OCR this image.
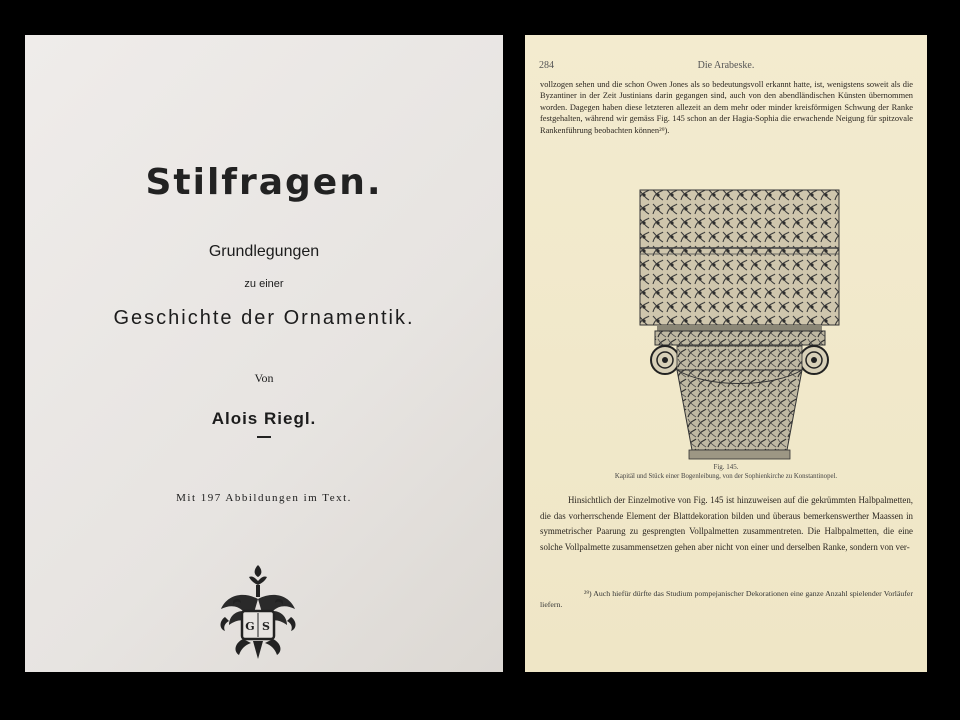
Stilfragen.
Grundlegungen
zu einer
Geschichte der Ornamentik.
Von
Alois Riegl.
Mit 197 Abbildungen im Text.
G S
284	Die Arabeske.
vollzogen sehen und die schon Owen Jones als so bedeutungsvoll erkannt hatte, ist, wenigstens soweit als die Byzantiner in der Zeit Justinians darin gegangen sind, auch von den abendländischen Künsten übernommen worden. Dagegen haben diese letzteren allezeit an dem mehr oder minder kreisförmigen Schwung der Ranke festgehalten, während wir gemäss Fig. 145 schon an der Hagia-Sophia die erwachende Neigung für spitzovale Rankenführung beobachten können²⁹).
Fig. 145.
Kapitäl und Stück einer Bogenleibung, von der Sophienkirche zu Konstantinopel.
Hinsichtlich der Einzelmotive von Fig. 145 ist hinzuweisen auf die gekrümmten Halbpalmetten, die das vorherrschende Element der Blattdekoration bilden und überaus bemerkenswerther Maassen in symmetrischer Paarung zu gesprengten Vollpalmetten zusammentreten. Die Halbpalmetten, die eine solche Vollpalmette zusammensetzen gehen aber nicht von einer und derselben Ranke, sondern von ver-
²⁹) Auch hiefür dürfte das Studium pompejanischer Dekorationen eine ganze Anzahl spielender Vorläufer liefern.
